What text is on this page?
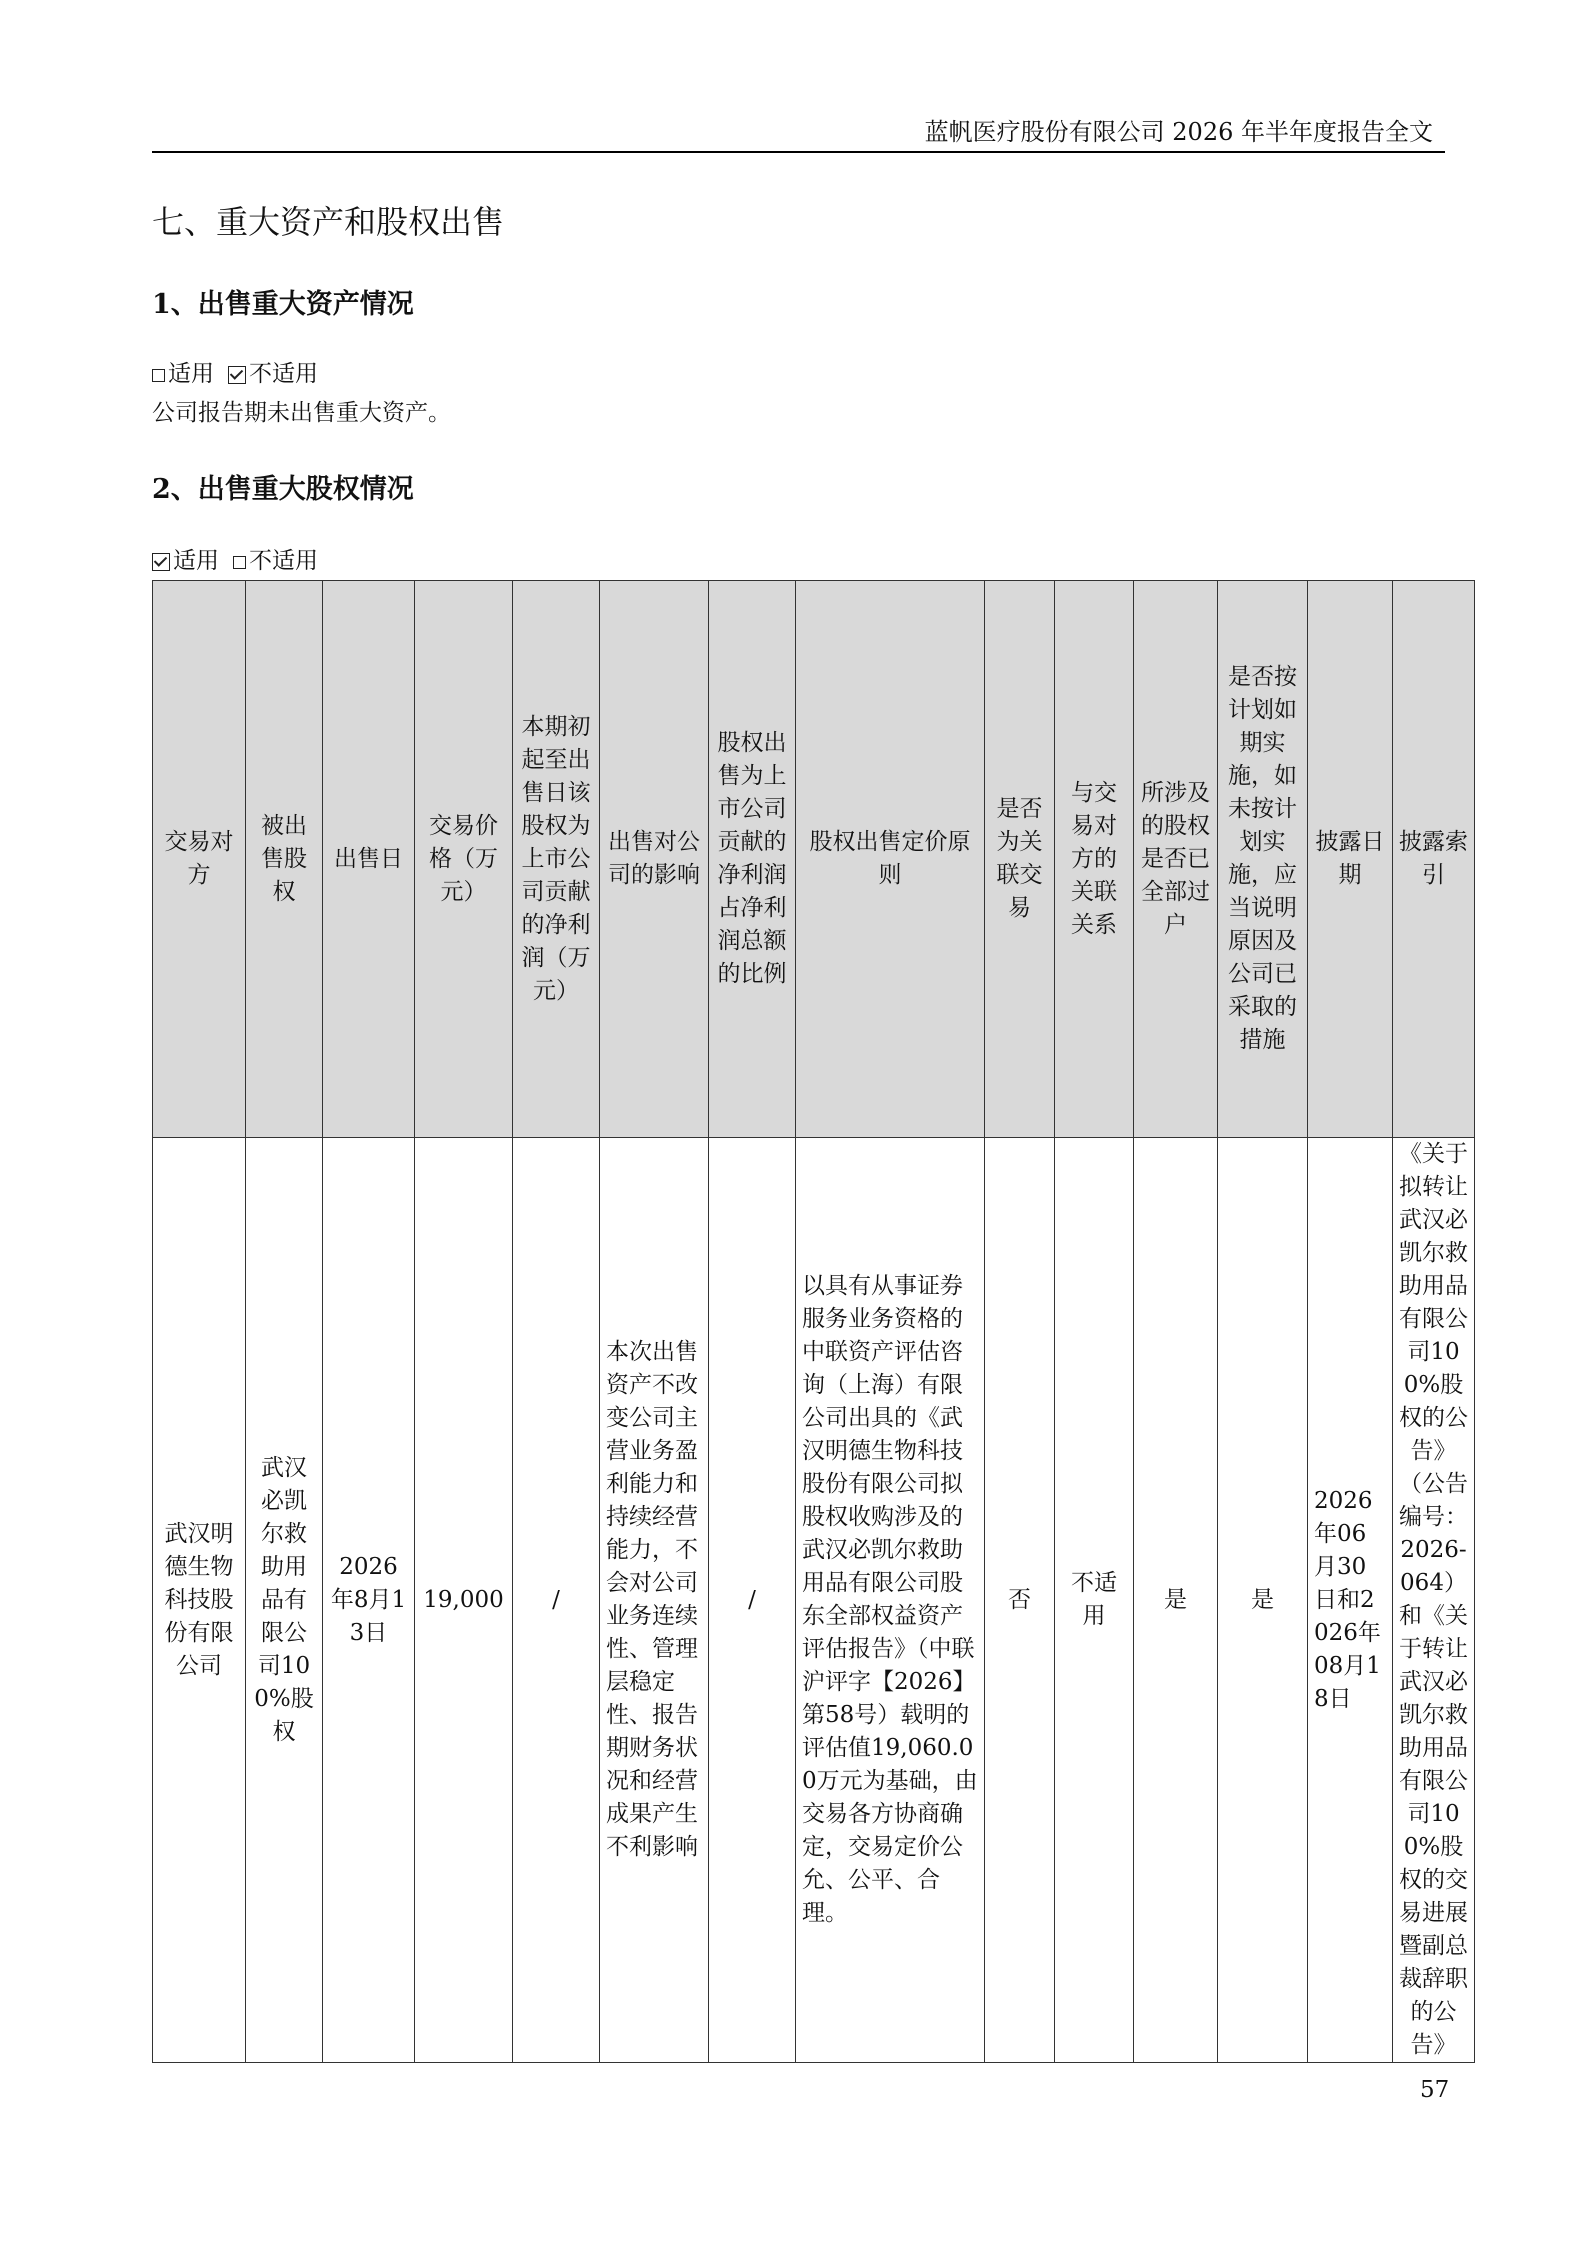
蓝帆医疗股份有限公司 2026 年半年度报告全文
七、重大资产和股权出售
1、出售重大资产情况
适用 不适用
公司报告期未出售重大资产。
2、出售重大股权情况
适用 不适用
交易对方	被出售股权	出售日	交易价格（万元）	本期初起至出售日该股权为上市公司贡献的净利润（万元）	出售对公司的影响	股权出售为上市公司贡献的净利润占净利润总额的比例	股权出售定价原则	是否为关联交易	与交易对方的关联关系	所涉及的股权是否已全部过户	是否按计划如期实施，如未按计划实施，应当说明原因及公司已采取的措施	披露日期	披露索引
武汉明德生物科技股份有限公司	武汉必凯尔救助用品有限公司100%股权	2026年8月13日	19,000	/	本次出售资产不改变公司主营业务盈利能力和持续经营能力，不会对公司业务连续性、管理层稳定性、报告期财务状况和经营成果产生不利影响	/	以具有从事证券服务业务资格的中联资产评估咨询（上海）有限公司出具的《武汉明德生物科技股份有限公司拟股权收购涉及的武汉必凯尔救助用品有限公司股东全部权益资产评估报告》（中联沪评字【2026】第58号）载明的评估值19,060.00万元为基础，由交易各方协商确定，交易定价公允、公平、合理。	否	不适用	是	是	2026年06月30日和2026年08月18日	《关于拟转让武汉必凯尔救助用品有限公司100%股权的公告》（公告编号：2026-064）和《关于转让武汉必凯尔救助用品有限公司100%股权的交易进展暨副总裁辞职的公告》
57
